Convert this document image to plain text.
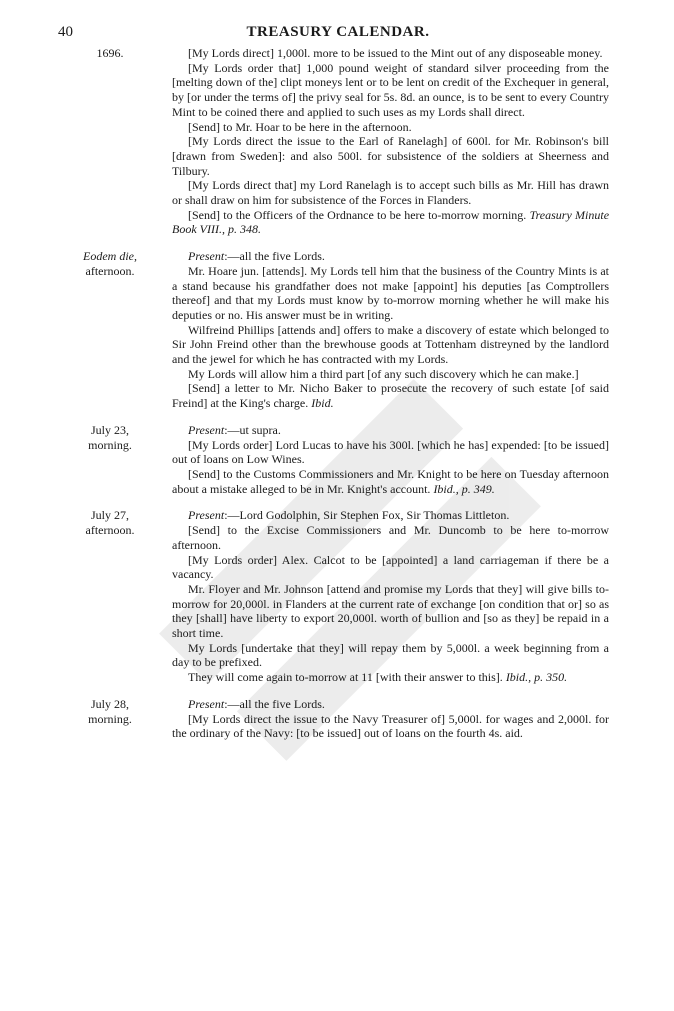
40	TREASURY CALENDAR.
1696.	[My Lords direct] 1,000l. more to be issued to the Mint out of any disposeable money.

[My Lords order that] 1,000 pound weight of standard silver proceeding from the [melting down of the] clipt moneys lent or to be lent on credit of the Exchequer in general, by [or under the terms of] the privy seal for 5s. 8d. an ounce, is to be sent to every Country Mint to be coined there and applied to such uses as my Lords shall direct.

[Send] to Mr. Hoar to be here in the afternoon.

[My Lords direct the issue to the Earl of Ranelagh] of 600l. for Mr. Robinson's bill [drawn from Sweden]: and also 500l. for subsistence of the soldiers at Sheerness and Tilbury.

[My Lords direct that] my Lord Ranelagh is to accept such bills as Mr. Hill has drawn or shall draw on him for subsistence of the Forces in Flanders.

[Send] to the Officers of the Ordnance to be here to-morrow morning. Treasury Minute Book VIII., p. 348.

Eodem die,
afternoon.

Present:—all the five Lords.

Mr. Hoare jun. [attends]. My Lords tell him that the business of the Country Mints is at a stand because his grandfather does not make [appoint] his deputies [as Comptrollers thereof] and that my Lords must know by to-morrow morning whether he will make his deputies or no. His answer must be in writing.

Wilfreind Phillips [attends and] offers to make a discovery of estate which belonged to Sir John Freind other than the brewhouse goods at Tottenham distreyned by the landlord and the jewel for which he has contracted with my Lords.

My Lords will allow him a third part [of any such discovery which he can make.]

[Send] a letter to Mr. Nicho Baker to prosecute the recovery of such estate [of said Freind] at the King's charge. Ibid.

July 23,
morning.

Present:—ut supra.

[My Lords order] Lord Lucas to have his 300l. [which he has] expended: [to be issued] out of loans on Low Wines.

[Send] to the Customs Commissioners and Mr. Knight to be here on Tuesday afternoon about a mistake alleged to be in Mr. Knight's account. Ibid., p. 349.

July 27,
afternoon.

Present:—Lord Godolphin, Sir Stephen Fox, Sir Thomas Littleton.

[Send] to the Excise Commissioners and Mr. Duncomb to be here to-morrow afternoon.

[My Lords order] Alex. Calcot to be [appointed] a land carriageman if there be a vacancy.

Mr. Floyer and Mr. Johnson [attend and promise my Lords that they] will give bills to-morrow for 20,000l. in Flanders at the current rate of exchange [on condition that or] so as they [shall] have liberty to export 20,000l. worth of bullion and [so as they] be repaid in a short time.

My Lords [undertake that they] will repay them by 5,000l. a week beginning from a day to be prefixed.

They will come again to-morrow at 11 [with their answer to this]. Ibid., p. 350.

July 28,
morning.

Present:—all the five Lords.

[My Lords direct the issue to the Navy Treasurer of] 5,000l. for wages and 2,000l. for the ordinary of the Navy: [to be issued] out of loans on the fourth 4s. aid.
